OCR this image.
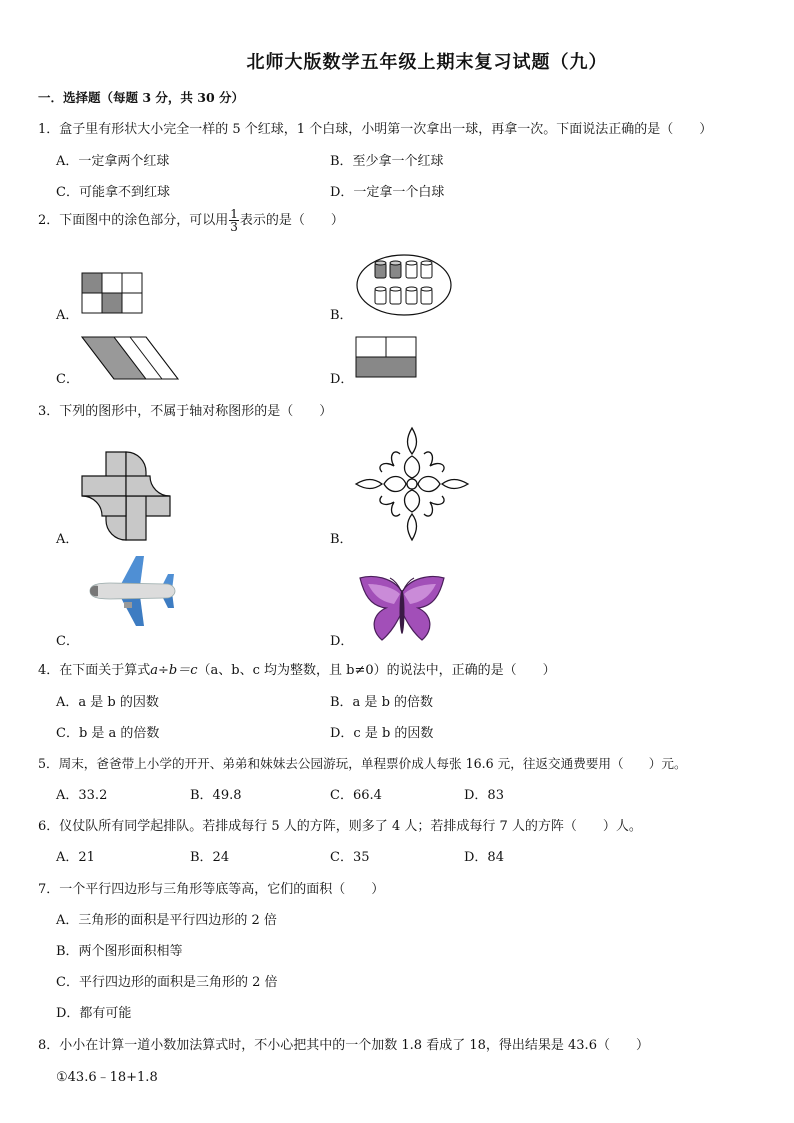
北师大版数学五年级上期末复习试题（九）
一．选择题（每题 3 分，共 30 分）
1．盒子里有形状大小完全一样的 5 个红球，1 个白球，小明第一次拿出一球，再拿一次。下面说法正确的是（　　）
A．一定拿两个红球	B．至少拿一个红球
C．可能拿不到红球	D．一定拿一个白球
2．下面图中的涂色部分，可以用 $\frac{1}{3}$ 表示的是（　　）
A．	B．
C．	D．
3．下列的图形中，不属于轴对称图形的是（　　）
A．	B．
C．	D．
4．在下面关于算式a÷b＝c（a、b、c 均为整数，且 b≠0）的说法中，正确的是（　　）
A．a 是 b 的因数	B．a 是 b 的倍数
C．b 是 a 的倍数	D．c 是 b 的因数
5．周末，爸爸带上小学的开开、弟弟和妹妹去公园游玩，单程票价成人每张 16.6 元，往返交通费要用（　　）元。
A．33.2	B．49.8	C．66.4	D．83
6．仪仗队所有同学起排队。若排成每行 5 人的方阵，则多了 4 人；若排成每行 7 人的方阵（　　）人。
A．21	B．24	C．35	D．84
7．一个平行四边形与三角形等底等高，它们的面积（　　）
A．三角形的面积是平行四边形的 2 倍
B．两个图形面积相等
C．平行四边形的面积是三角形的 2 倍
D．都有可能
8．小小在计算一道小数加法算式时，不小心把其中的一个加数 1.8 看成了 18，得出结果是 43.6（　　）
①43.6﹣18+1.8
